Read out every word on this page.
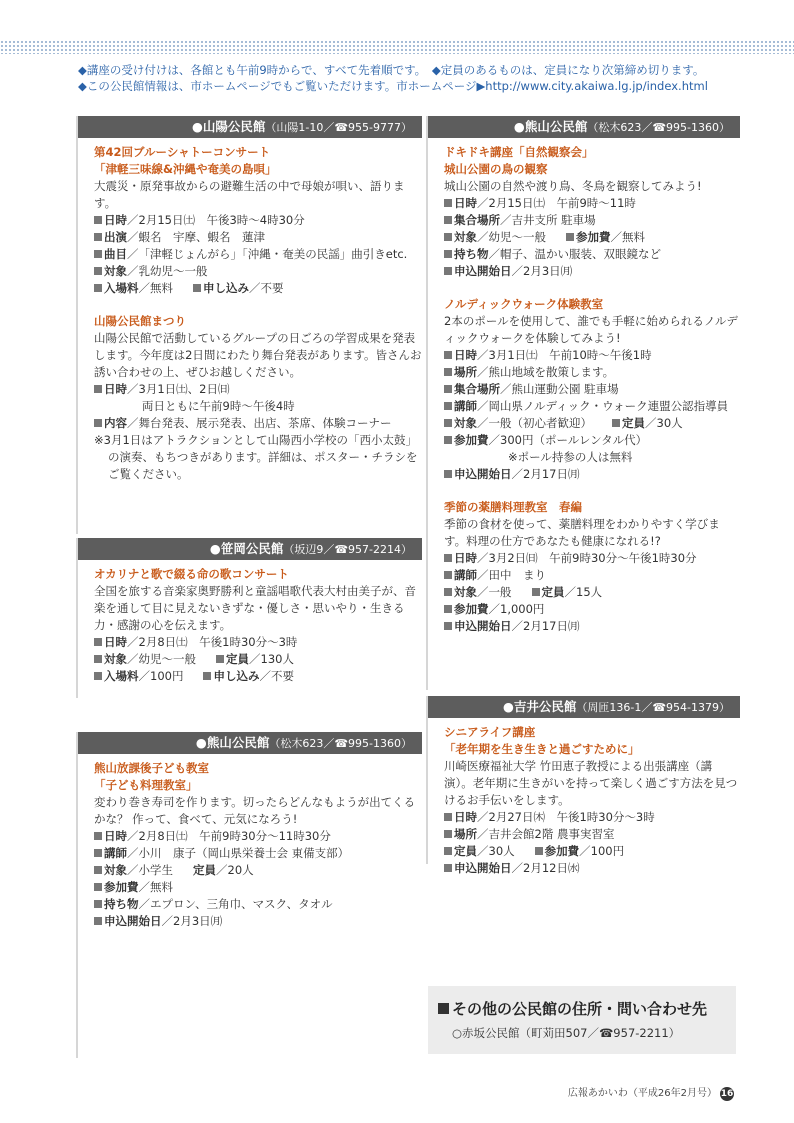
◆講座の受け付けは、各館とも午前9時からで、すべて先着順です。　◆定員のあるものは、定員になり次第締め切ります。
◆この公民館情報は、市ホームページでもご覧いただけます。市ホームページ▶http://www.city.akaiwa.lg.jp/index.html
●山陽公民館（山陽1-10／☎955-9777）
第42回ブルーシャトーコンサート
「津軽三味線&沖縄や奄美の島唄」
大震災・原発事故からの避難生活の中で母娘が唄い、語ります。
日時／2月15日㈯　午後3時〜4時30分
出演／蝦名　宇摩、蝦名　蓮津
曲目／「津軽じょんがら」「沖縄・奄美の民謡」曲引きetc.
対象／乳幼児〜一般
入場料／無料	申し込み／不要
山陽公民館まつり
山陽公民館で活動しているグループの日ごろの学習成果を発表します。今年度は2日間にわたり舞台発表があります。皆さんお誘い合わせの上、ぜひお越しください。
日時／3月1日㈯、2日㈰
両日ともに午前9時〜午後4時
内容／舞台発表、展示発表、出店、茶席、体験コーナー
※3月1日はアトラクションとして山陽西小学校の「西小太鼓」の演奏、もちつきがあります。詳細は、ポスター・チラシをご覧ください。
●笹岡公民館（坂辺9／☎957-2214）
オカリナと歌で綴る命の歌コンサート
全国を旅する音楽家奥野勝利と童謡唱歌代表大村由美子が、音楽を通して目に見えないきずな・優しさ・思いやり・生きる力・感謝の心を伝えます。
日時／2月8日㈯　午後1時30分〜3時
対象／幼児〜一般	定員／130人
入場料／100円	申し込み／不要
●熊山公民館（松木623／☎995-1360）
熊山放課後子ども教室
「子ども料理教室」
変わり巻き寿司を作ります。切ったらどんなもようが出てくるかな？ 作って、食べて、元気になろう!
日時／2月8日㈯　午前9時30分〜11時30分
講師／小川　康子（岡山県栄養士会 東備支部）
対象／小学生 定員／20人
参加費／無料
持ち物／エプロン、三角巾、マスク、タオル
申込開始日／2月3日㈪
●熊山公民館（松木623／☎995-1360）
ドキドキ講座「自然観察会」
城山公園の鳥の観察
城山公園の自然や渡り鳥、冬鳥を観察してみよう!
日時／2月15日㈯　午前9時〜11時
集合場所／吉井支所 駐車場
対象／幼児〜一般	参加費／無料
持ち物／帽子、温かい服装、双眼鏡など
申込開始日／2月3日㈪
ノルディックウォーク体験教室
2本のポールを使用して、誰でも手軽に始められるノルディックウォークを体験してみよう!
日時／3月1日㈯　午前10時〜午後1時
場所／熊山地域を散策します。
集合場所／熊山運動公園 駐車場
講師／岡山県ノルディック・ウォーク連盟公認指導員
対象／一般（初心者歓迎）	定員／30人
参加費／300円（ポールレンタル代）
※ポール持参の人は無料
申込開始日／2月17日㈪
季節の薬膳料理教室　春編
季節の食材を使って、薬膳料理をわかりやすく学びます。料理の仕方であなたも健康になれる!?
日時／3月2日㈰　午前9時30分〜午後1時30分
講師／田中　まり
対象／一般	定員／15人
参加費／1,000円
申込開始日／2月17日㈪
●吉井公民館（周匝136-1／☎954-1379）
シニアライフ講座
「老年期を生き生きと過ごすために」
川崎医療福祉大学 竹田恵子教授による出張講座（講演）。老年期に生きがいを持って楽しく過ごす方法を見つけるお手伝いをします。
日時／2月27日㈭　午後1時30分〜3時
場所／吉井会館2階 農事実習室
定員／30人	参加費／100円
申込開始日／2月12日㈬
その他の公民館の住所・問い合わせ先
○赤坂公民館（町苅田507／☎957-2211）
広報あかいわ（平成26年2月号） 16
